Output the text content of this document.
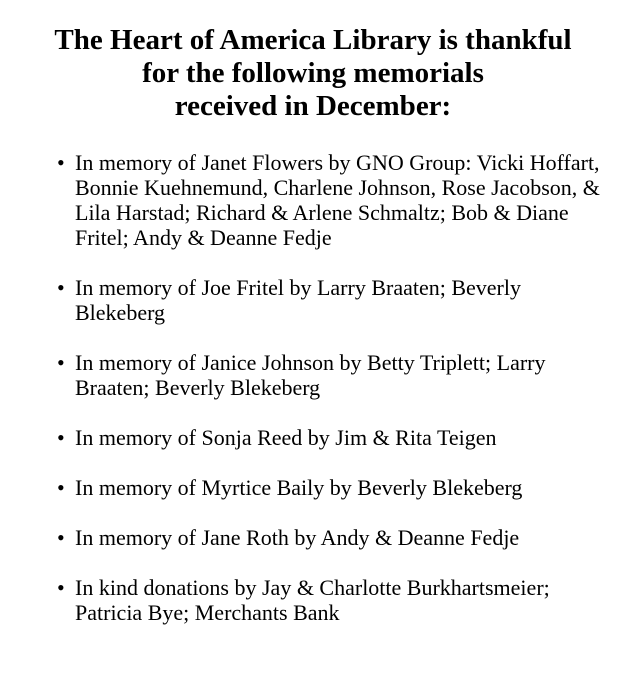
The Heart of America Library is thankful
for the following memorials
received in December:
• In memory of Janet Flowers by GNO Group: Vicki Hoffart, Bonnie Kuehnemund, Charlene Johnson, Rose Jacobson, & Lila Harstad; Richard & Arlene Schmaltz; Bob & Diane Fritel; Andy & Deanne Fedje
• In memory of Joe Fritel by Larry Braaten; Beverly Blekeberg
• In memory of Janice Johnson by Betty Triplett; Larry Braaten; Beverly Blekeberg
• In memory of Sonja Reed by Jim & Rita Teigen
• In memory of Myrtice Baily by Beverly Blekeberg
• In memory of Jane Roth by Andy & Deanne Fedje
• In kind donations by Jay & Charlotte Burkhartsmeier; Patricia Bye; Merchants Bank
